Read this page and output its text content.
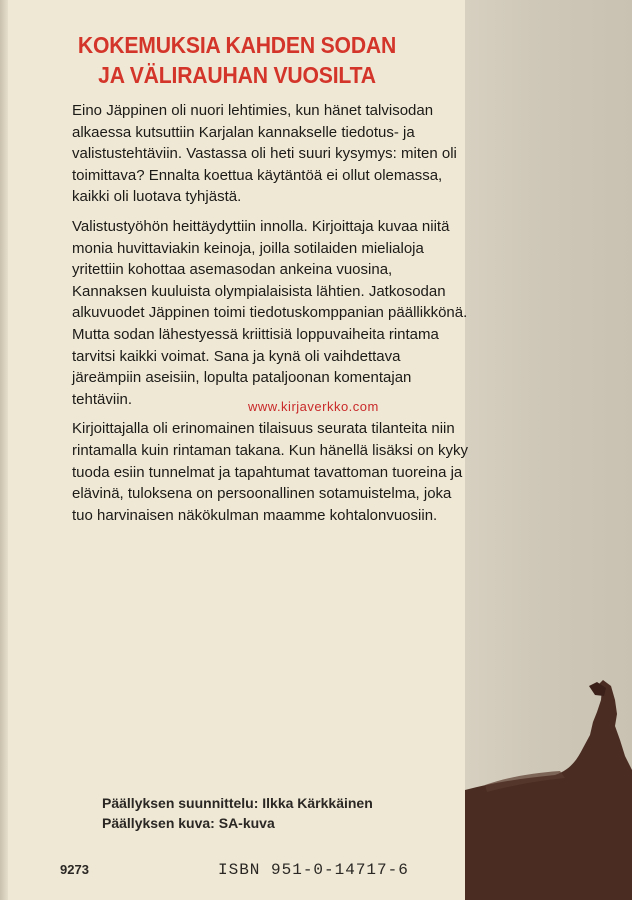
KOKEMUKSIA KAHDEN SODAN
JA VÄLIRAUHAN VUOSILTA

Eino Jäppinen oli nuori lehtimies, kun hänet talvisodan alkaessa kutsuttiin Karjalan kannakselle tiedotus- ja valistustehtäviin. Vastassa oli heti suuri kysymys: miten oli toimittava? Ennalta koettua käytäntöä ei ollut olemassa, kaikki oli luotava tyhjästä.

Valistustyöhön heittäydyttiin innolla. Kirjoittaja kuvaa niitä monia huvittaviakin keinoja, joilla sotilaiden mielialoja yritettiin kohottaa asemasodan ankeina vuosina, Kannaksen kuuluista olympialaisista lähtien. Jatkosodan alkuvuodet Jäppinen toimi tiedotuskomppanian päällikkönä. Mutta sodan lähestyessä kriittisiä loppuvaiheita rintama tarvitsi kaikki voimat. Sana ja kynä oli vaihdettava järeämpiin aseisiin, lopulta pataljoonan komentajan tehtäviin.

Kirjoittajalla oli erinomainen tilaisuus seurata tilanteita niin rintamalla kuin rintaman takana. Kun hänellä lisäksi on kyky tuoda esiin tunnelmat ja tapahtumat tavattoman tuoreina ja elävinä, tuloksena on persoonallinen sotamuistelma, joka tuo harvinaisen näkökulman maamme kohtalonvuosiin.

www.kirjaverkko.com
Päällyksen suunnittelu: Ilkka Kärkkäinen
Päällyksen kuva: SA-kuva
9273	ISBN 951-0-14717-6
